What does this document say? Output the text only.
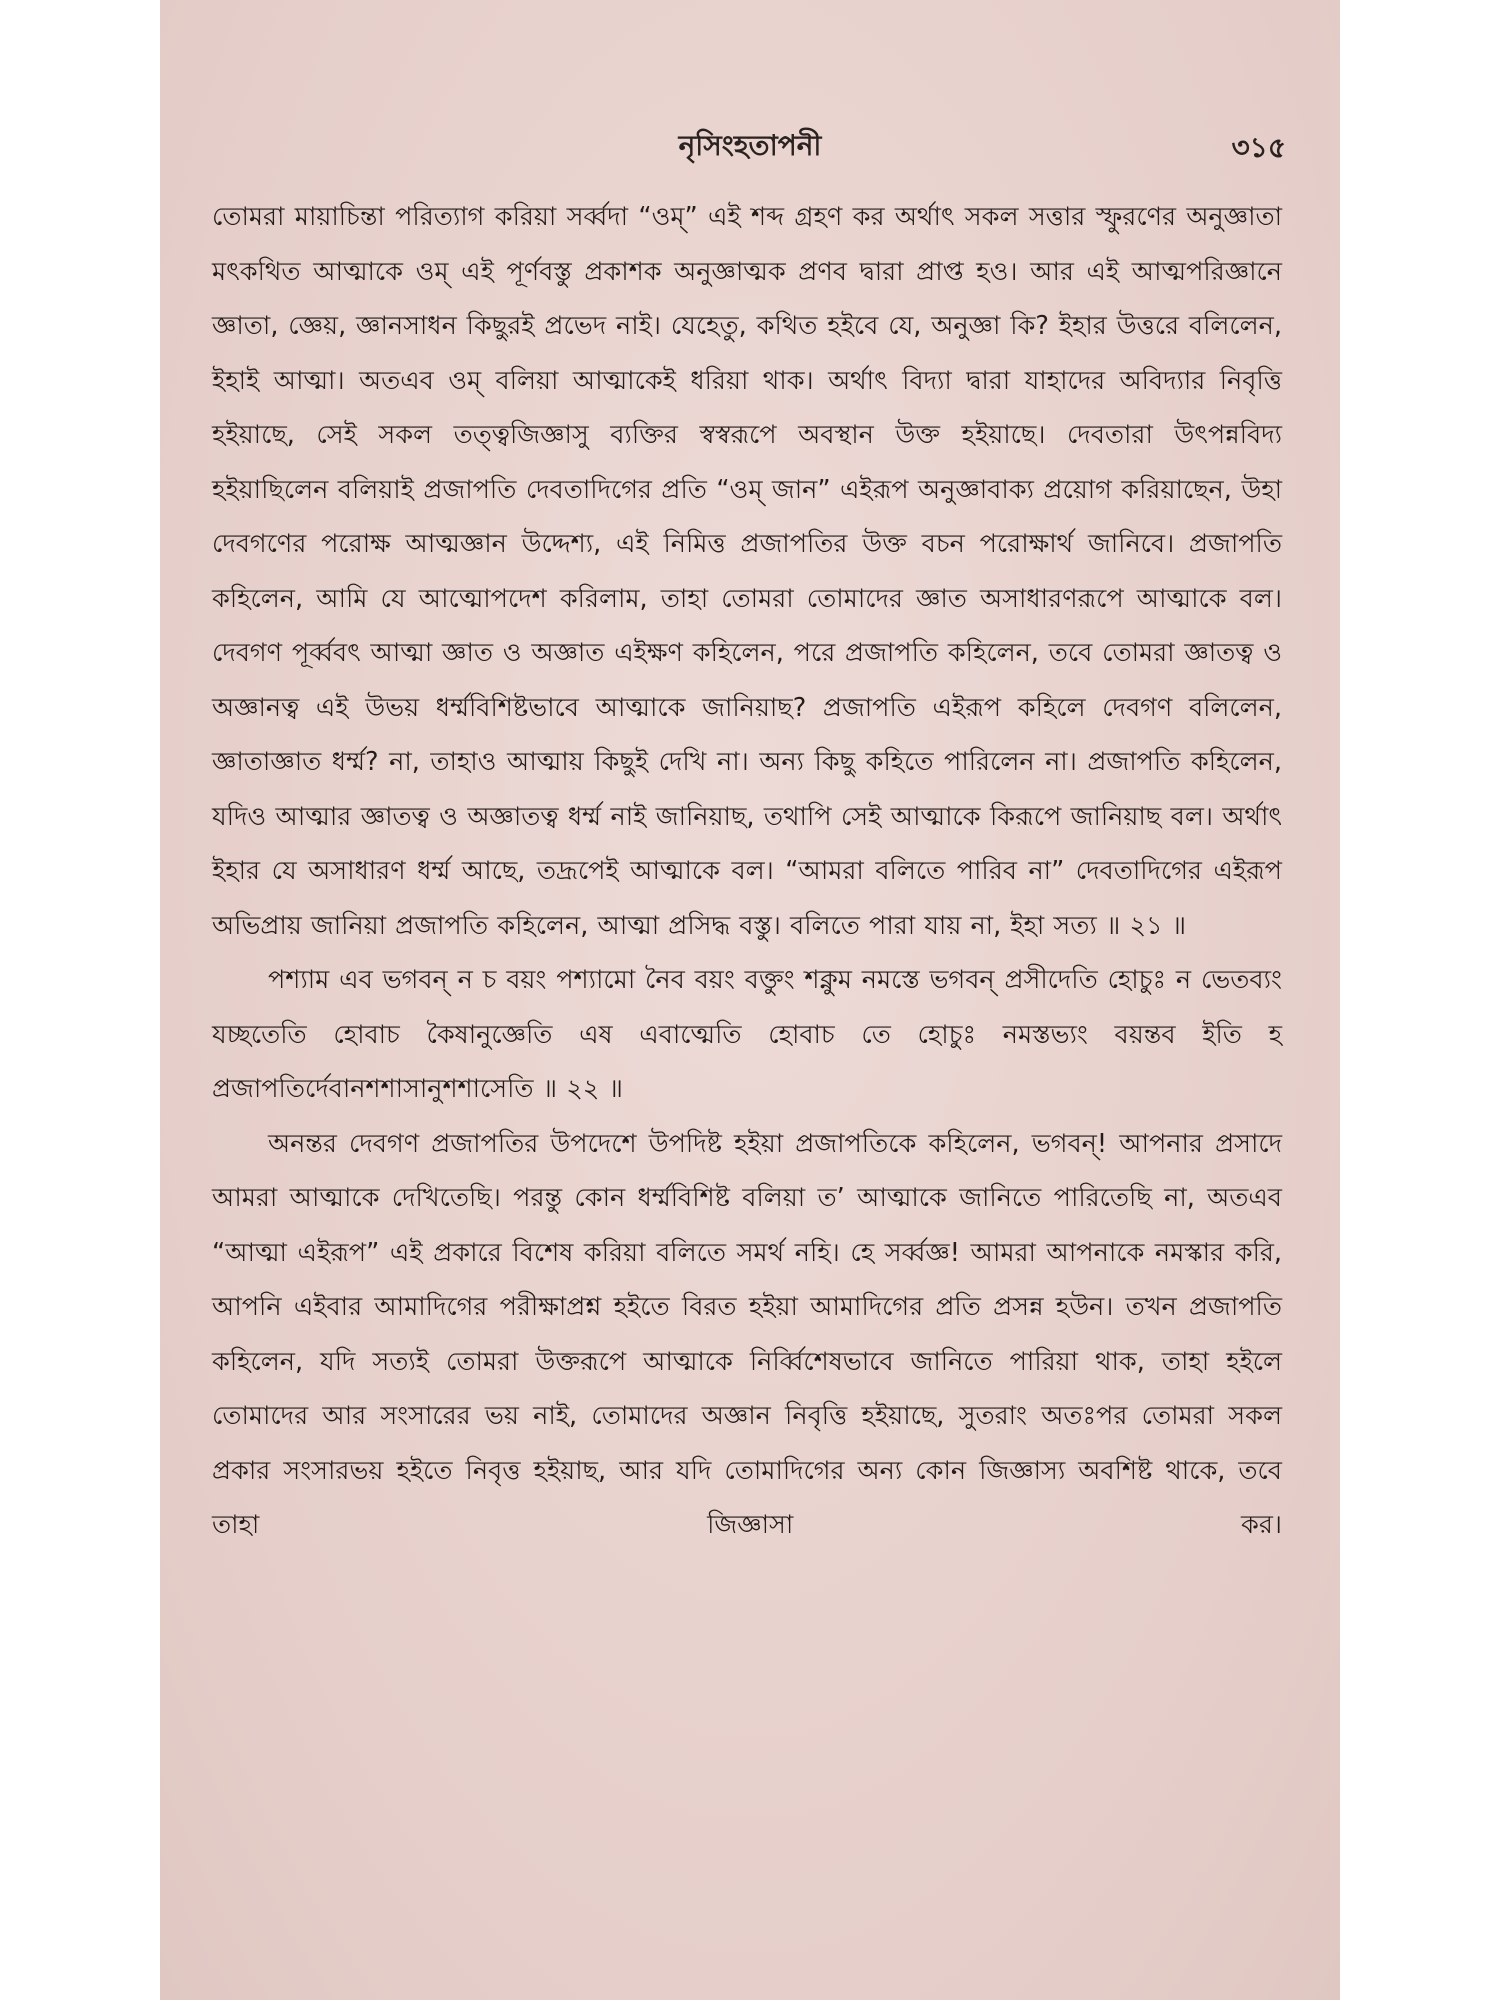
নৃসিংহতাপনী	৩১৫

তোমরা মায়াচিন্তা পরিত্যাগ করিয়া সর্ব্বদা “ওম্” এই শব্দ গ্রহণ কর অর্থাৎ সকল সত্তার স্ফুরণের অনুজ্ঞাতা মৎকথিত আত্মাকে ওম্ এই পূর্ণবস্তু প্রকাশক অনুজ্ঞাত্মক প্রণব দ্বারা প্রাপ্ত হও। আর এই আত্মপরিজ্ঞানে জ্ঞাতা, জ্ঞেয়, জ্ঞানসাধন কিছুরই প্রভেদ নাই। যেহেতু, কথিত হইবে যে, অনুজ্ঞা কি? ইহার উত্তরে বলিলেন, ইহাই আত্মা। অতএব ওম্ বলিয়া আত্মাকেই ধরিয়া থাক। অর্থাৎ বিদ্যা দ্বারা যাহাদের অবিদ্যার নিবৃত্তি হইয়াছে, সেই সকল তত্ত্বজিজ্ঞাসু ব্যক্তির স্বস্বরূপে অবস্থান উক্ত হইয়াছে। দেবতারা উৎপন্নবিদ্য হইয়াছিলেন বলিয়াই প্রজাপতি দেবতাদিগের প্রতি “ওম্ জান” এইরূপ অনুজ্ঞাবাক্য প্রয়োগ করিয়াছেন, উহা দেবগণের পরোক্ষ আত্মজ্ঞান উদ্দেশ্য, এই নিমিত্ত প্রজাপতির উক্ত বচন পরোক্ষার্থ জানিবে। প্রজাপতি কহিলেন, আমি যে আত্মোপদেশ করিলাম, তাহা তোমরা তোমাদের জ্ঞাত অসাধারণরূপে আত্মাকে বল। দেবগণ পূর্ব্ববৎ আত্মা জ্ঞাত ও অজ্ঞাত এইক্ষণ কহিলেন, পরে প্রজাপতি কহিলেন, তবে তোমরা জ্ঞাতত্ব ও অজ্ঞানত্ব এই উভয় ধর্ম্মবিশিষ্টভাবে আত্মাকে জানিয়াছ? প্রজাপতি এইরূপ কহিলে দেবগণ বলিলেন, জ্ঞাতাজ্ঞাত ধর্ম্ম? না, তাহাও আত্মায় কিছুই দেখি না। অন্য কিছু কহিতে পারিলেন না। প্রজাপতি কহিলেন, যদিও আত্মার জ্ঞাতত্ব ও অজ্ঞাতত্ব ধর্ম্ম নাই জানিয়াছ, তথাপি সেই আত্মাকে কিরূপে জানিয়াছ বল। অর্থাৎ ইহার যে অসাধারণ ধর্ম্ম আছে, তদ্রূপেই আত্মাকে বল। “আমরা বলিতে পারিব না” দেবতাদিগের এইরূপ অভিপ্রায় জানিয়া প্রজাপতি কহিলেন, আত্মা প্রসিদ্ধ বস্তু। বলিতে পারা যায় না, ইহা সত্য ॥ ২১ ॥

পশ্যাম এব ভগবন্ ন চ বয়ং পশ্যামো নৈব বয়ং বক্তুং শক্নুম নমস্তে ভগবন্ প্রসীদেতি হোচুঃ ন ভেতব্যং যচ্ছতেতি হোবাচ কৈষানুজ্ঞেতি এষ এবাত্মেতি হোবাচ তে হোচুঃ নমস্তভ্যং বয়ন্তব ইতি হ প্রজাপতির্দেবানশশাসানুশশাসেতি ॥ ২২ ॥

অনন্তর দেবগণ প্রজাপতির উপদেশে উপদিষ্ট হইয়া প্রজাপতিকে কহিলেন, ভগবন্! আপনার প্রসাদে আমরা আত্মাকে দেখিতেছি। পরন্তু কোন ধর্ম্মবিশিষ্ট বলিয়া ত’ আত্মাকে জানিতে পারিতেছি না, অতএব “আত্মা এইরূপ” এই প্রকারে বিশেষ করিয়া বলিতে সমর্থ নহি। হে সর্ব্বজ্ঞ! আমরা আপনাকে নমস্কার করি, আপনি এইবার আমাদিগের পরীক্ষাপ্রশ্ন হইতে বিরত হইয়া আমাদিগের প্রতি প্রসন্ন হউন। তখন প্রজাপতি কহিলেন, যদি সত্যই তোমরা উক্তরূপে আত্মাকে নির্ব্বিশেষভাবে জানিতে পারিয়া থাক, তাহা হইলে তোমাদের আর সংসারের ভয় নাই, তোমাদের অজ্ঞান নিবৃত্তি হইয়াছে, সুতরাং অতঃপর তোমরা সকল প্রকার সংসারভয় হইতে নিবৃত্ত হইয়াছ, আর যদি তোমাদিগের অন্য কোন জিজ্ঞাস্য অবশিষ্ট থাকে, তবে তাহা জিজ্ঞাসা কর।
